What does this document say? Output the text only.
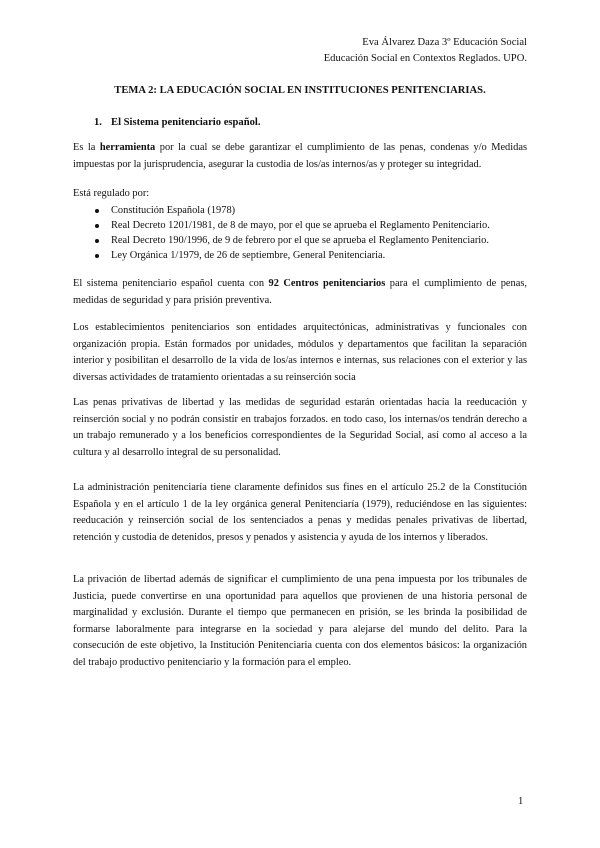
Eva Álvarez Daza 3º Educación Social
Educación Social en Contextos Reglados. UPO.
TEMA 2: LA EDUCACIÓN SOCIAL EN INSTITUCIONES PENITENCIARIAS.
1. El Sistema penitenciario español.

Es la herramienta por la cual se debe garantizar el cumplimiento de las penas, condenas y/o Medidas impuestas por la jurisprudencia, asegurar la custodia de los/as internos/as y proteger su integridad.

Está regulado por:

Constitución Española (1978)
Real Decreto 1201/1981, de 8 de mayo, por el que se aprueba el Reglamento Penitenciario.
Real Decreto 190/1996, de 9 de febrero por el que se aprueba el Reglamento Penitenciario.
Ley Orgánica 1/1979, de 26 de septiembre, General Penitenciaria.

El sistema penitenciario español cuenta con 92 Centros penitenciarios para el cumplimiento de penas, medidas de seguridad y para prisión preventiva.

Los establecimientos penitenciarios son entidades arquitectónicas, administrativas y funcionales con organización propia. Están formados por unidades, módulos y departamentos que facilitan la separación interior y posibilitan el desarrollo de la vida de los/as internos e internas, sus relaciones con el exterior y las diversas actividades de tratamiento orientadas a su reinserción socia

Las penas privativas de libertad y las medidas de seguridad estarán orientadas hacía la reeducación y reinserción social y no podrán consistir en trabajos forzados. en todo caso, los internas/os tendrán derecho a un trabajo remunerado y a los beneficios correspondientes de la Seguridad Social, así como al acceso a la cultura y al desarrollo integral de su personalidad.

La administración penitenciaría tiene claramente definidos sus fines en el artículo 25.2 de la Constitución Española y en el artículo 1 de la ley orgánica general Penitenciaría (1979), reduciéndose en las siguientes: reeducación y reinserción social de los sentenciados a penas y medidas penales privativas de libertad, retención y custodia de detenidos, presos y penados y asistencia y ayuda de los internos y liberados.

La privación de libertad además de significar el cumplimiento de una pena impuesta por los tribunales de Justicia, puede convertirse en una oportunidad para aquellos que provienen de una historia personal de marginalidad y exclusión. Durante el tiempo que permanecen en prisión, se les brinda la posibilidad de formarse laboralmente para integrarse en la sociedad y para alejarse del mundo del delito. Para la consecución de este objetivo, la Institución Penitenciaria cuenta con dos elementos básicos: la organización del trabajo productivo penitenciario y la formación para el empleo.

1
